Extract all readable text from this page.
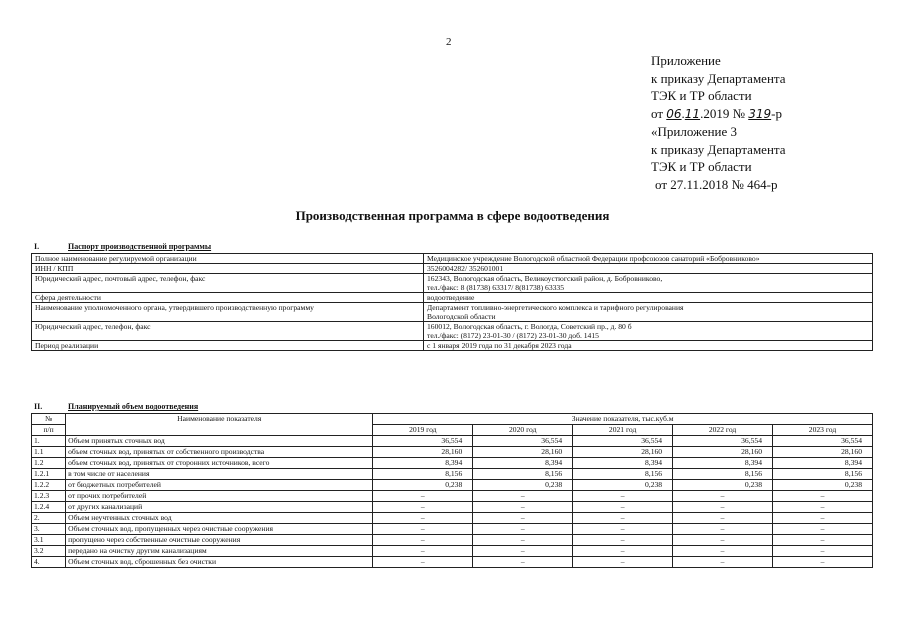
2
Приложение
к приказу Департамента
ТЭК и ТР области
от 06.11.2019 № 319-р
«Приложение 3
к приказу Департамента
ТЭК и ТР области
от 27.11.2018 № 464-р
Производственная программа в сфере водоотведения
I.	Паспорт производственной программы
Полное наименование регулируемой организации	Медицинское учреждение Вологодской областной Федерации профсоюзов санаторий «Бобровниково»

ИНН / КПП	3526004282/ 352601001

Юридический адрес, почтовый адрес, телефон, факс	162343, Вологодская область, Великоустюгский район, д. Бобровниково,
тел./факс: 8 (81738) 63317/ 8(81738) 63335

Сфера деятельности	водоотведение

Наименование уполномоченного органа, утвердившего производственную программу	Департамент топливно-энергетического комплекса и тарифного регулирования
Вологодской области

Юридический адрес, телефон, факс	160012, Вологодская область, г. Вологда, Советский пр., д. 80 б
тел./факс: (8172) 23-01-30 / (8172) 23-01-30 доб. 1415

Период реализации	с 1 января 2019 года по 31 декабря 2023 года
II.	Планируемый объем водоотведения
№	Наименование показателя	Значение показателя, тыс.куб.м				
п/п		2019 год	2020 год	2021 год	2022 год	2023 год
1.	Объем принятых сточных вод	36,554	36,554	36,554	36,554	36,554
1.1	объем сточных вод, принятых от собственного производства	28,160	28,160	28,160	28,160	28,160
1.2	объем сточных вод, принятых от сторонних источников, всего	8,394	8,394	8,394	8,394	8,394
1.2.1	в том числе от населения	8,156	8,156	8,156	8,156	8,156
1.2.2	от бюджетных потребителей	0,238	0,238	0,238	0,238	0,238
1.2.3	от прочих потребителей	–	–	–	–	–
1.2.4	от других канализаций	–	–	–	–	–
2.	Объем неучтенных сточных вод	–	–	–	–	–
3.	Объем сточных вод, пропущенных через очистные сооружения	–	–	–	–	–
3.1	пропущено через собственные очистные сооружения	–	–	–	–	–
3.2	передано на очистку другим канализациям	–	–	–	–	–
4.	Объем сточных вод, сброшенных без очистки	–	–	–	–	–
